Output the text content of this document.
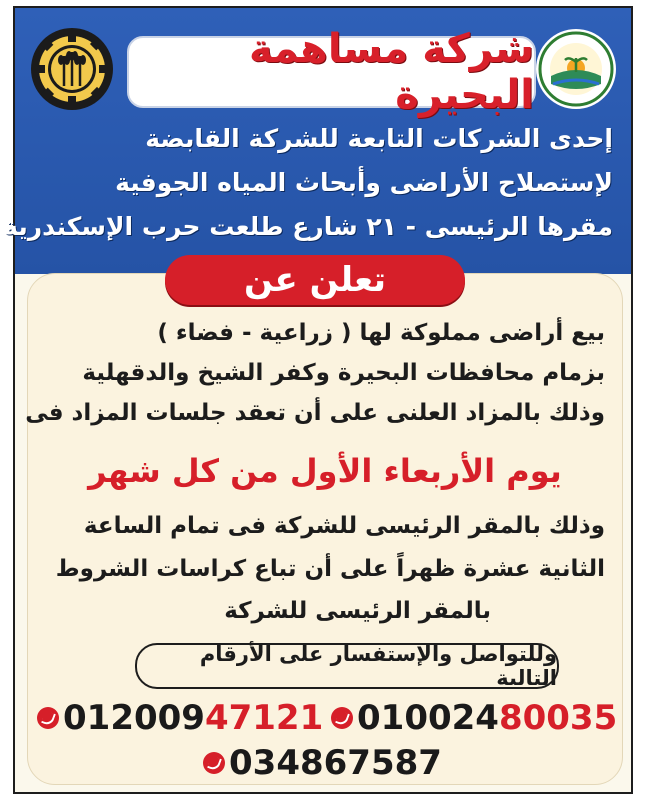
شركة مساهمة البحيرة
إحدى الشركات التابعة للشركة القابضة
لإستصلاح الأراضى وأبحاث المياه الجوفية
مقرها الرئيسى - ٢١ شارع طلعت حرب الإسكندرية
تعلن عن
بيع أراضى مملوكة لها ( زراعية - فضاء )
بزمام محافظات البحيرة وكفر الشيخ والدقهلية
وذلك بالمزاد العلنى على أن تعقد جلسات المزاد فى
يوم الأربعاء الأول من كل شهر
وذلك بالمقر الرئيسى للشركة فى تمام الساعة
الثانية عشرة ظهراً على أن تباع كراسات الشروط
بالمقر الرئيسى للشركة
وللتواصل والإستفسار على الأرقام التالية
012009 47121 010024 80035
034867587
